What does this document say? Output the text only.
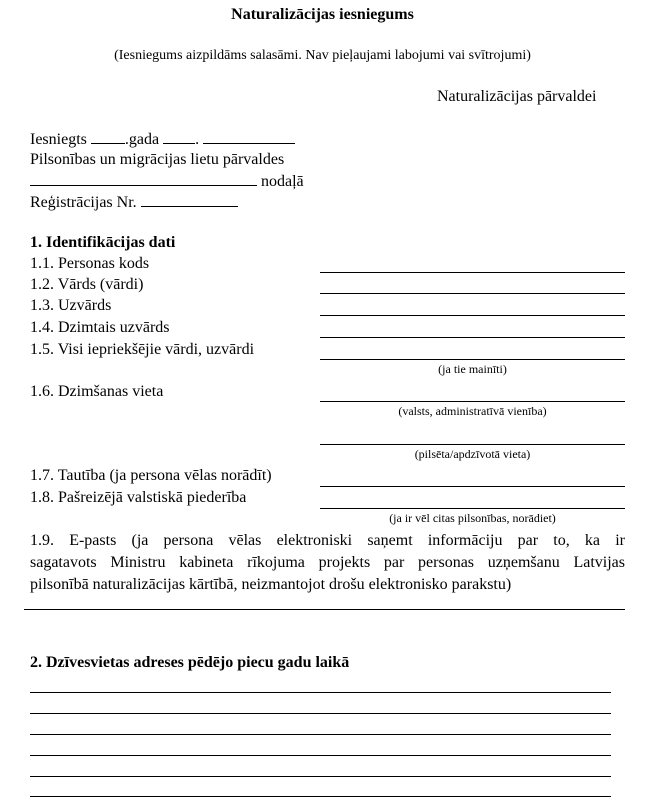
Naturalizācijas iesniegums
(Iesniegums aizpildāms salasāmi. Nav pieļaujami labojumi vai svītrojumi)
Naturalizācijas pārvaldei
Iesniegts .gada .
Pilsonības un migrācijas lietu pārvaldes
nodaļā
Reģistrācijas Nr.
1. Identifikācijas dati
1.1. Personas kods
1.2. Vārds (vārdi)
1.3. Uzvārds
1.4. Dzimtais uzvārds
1.5. Visi iepriekšējie vārdi, uzvārdi
(ja tie mainīti)
1.6. Dzimšanas vieta
(valsts, administratīvā vienība)
(pilsēta/apdzīvotā vieta)
1.7. Tautība (ja persona vēlas norādīt)
1.8. Pašreizējā valstiskā piederība
(ja ir vēl citas pilsonības, norādiet)
1.9. E-pasts (ja persona vēlas elektroniski saņemt informāciju par to, ka ir
sagatavots Ministru kabineta rīkojuma projekts par personas uzņemšanu Latvijas
pilsonībā naturalizācijas kārtībā, neizmantojot drošu elektronisko parakstu)
2. Dzīvesvietas adreses pēdējo piecu gadu laikā
